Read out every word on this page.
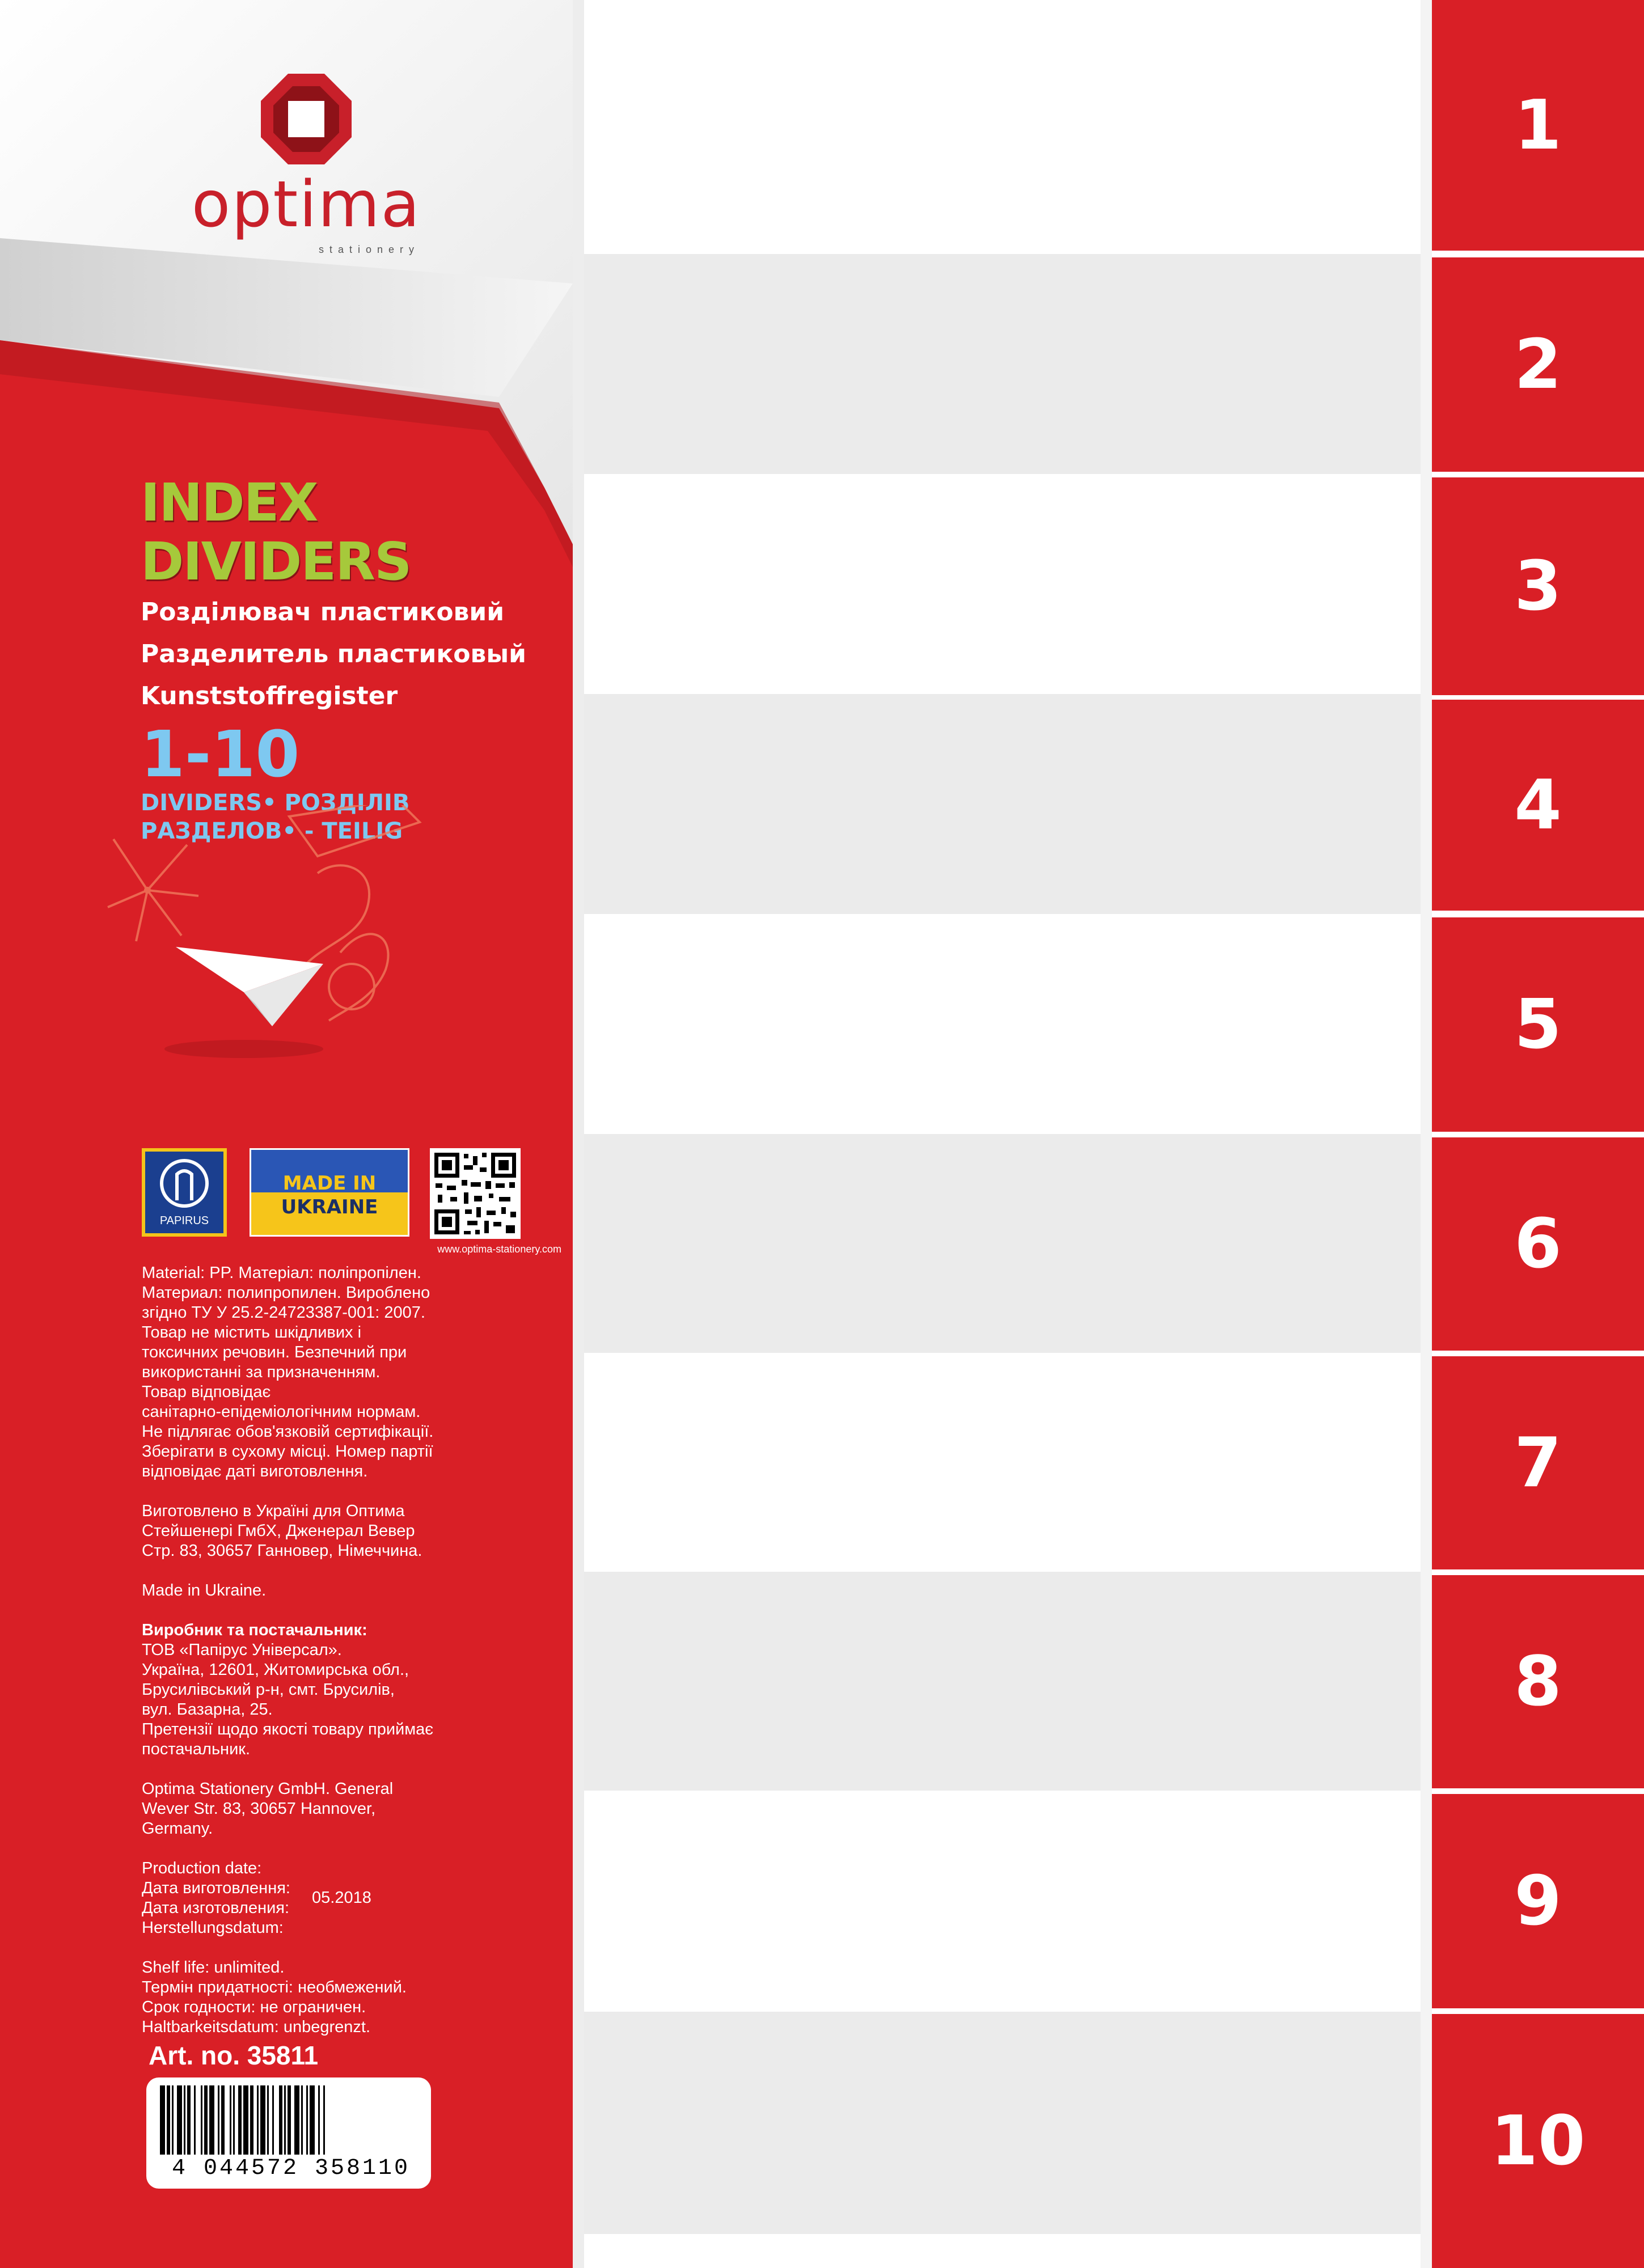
optima
stationery
INDEX
DIVIDERS
Розділювач пластиковий
Разделитель пластиковый
Kunststoffregister
1-10
DIVIDERS• РОЗДІЛІВ
РАЗДЕЛОВ• - TEILIG
PAPIRUS
MADE IN
UKRAINE
www.optima-stationery.com
Material: PP. Матеріал: поліпропілен.
Материал: полипропилен. Вироблено
згідно ТУ У 25.2-24723387-001: 2007.
Товар не містить шкідливих і
токсичних речовин. Безпечний при
використанні за призначенням.
Товар відповідає
санітарно-епідеміологічним нормам.
Не підлягає обов'язковій сертифікації.
Зберігати в сухому місці. Номер партії
відповідає даті виготовлення.
Виготовлено в Україні для Оптима
Стейшенері ГмбХ, Дженерал Вевер
Стр. 83, 30657 Ганновер, Німеччина.
Made in Ukraine.
Виробник та постачальник:
ТОВ «Папірус Універсал».
Україна, 12601, Житомирська обл.,
Брусилівський р-н, смт. Брусилів,
вул. Базарна, 25.
Претензії щодо якості товару приймає
постачальник.
Optima Stationery GmbH. General
Wever Str. 83, 30657 Hannover,
Germany.
Production date:
Дата виготовлення:
Дата изготовления:
Herstellungsdatum:
05.2018
Shelf life: unlimited.
Термін придатності: необмежений.
Срок годности: не ограничен.
Haltbarkeitsdatum: unbegrenzt.
Art. no. 35811
4 044572 358110
1
2
3
4
5
6
7
8
9
10
